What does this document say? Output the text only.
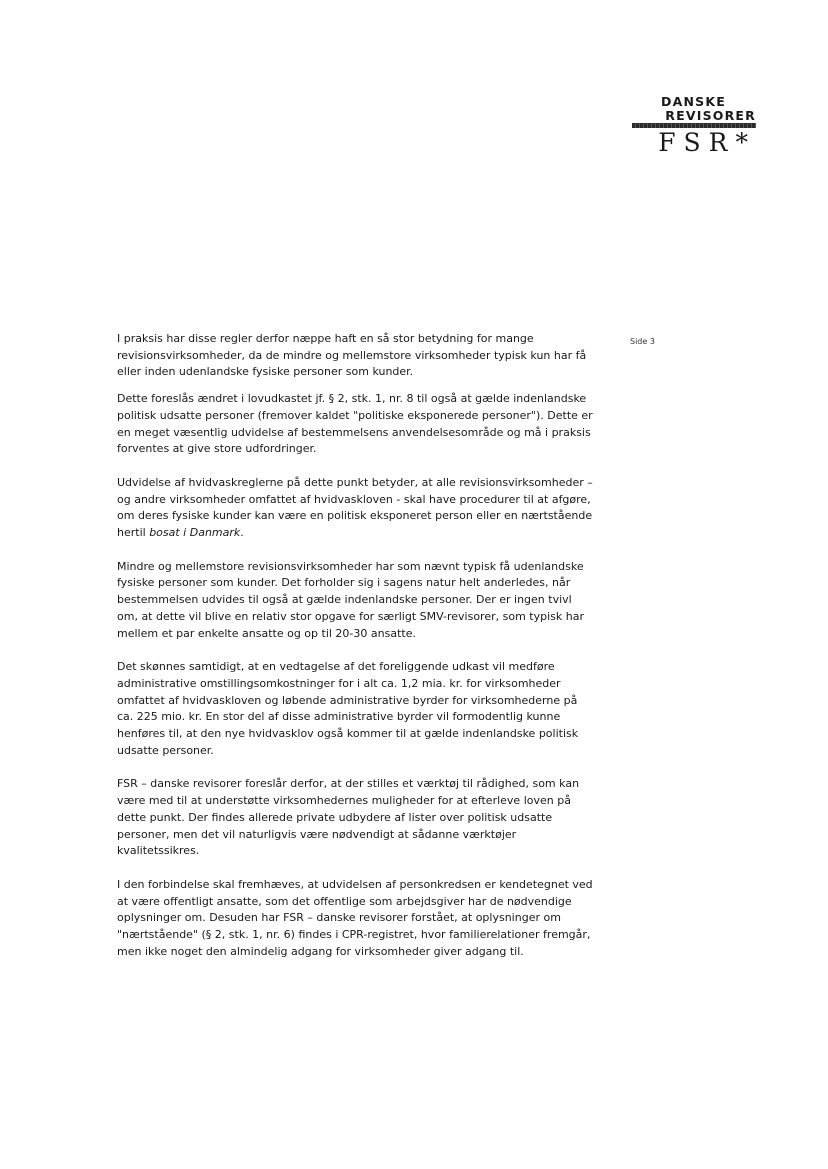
DANSKE
REVISORER
FSR*
Side 3

I praksis har disse regler derfor næppe haft en så stor betydning for mange revisionsvirksomheder, da de mindre og mellemstore virksomheder typisk kun har få eller inden udenlandske fysiske personer som kunder.

Dette foreslås ændret i lovudkastet jf. § 2, stk. 1, nr. 8 til også at gælde indenlandske politisk udsatte personer (fremover kaldet "politiske eksponerede personer"). Dette er en meget væsentlig udvidelse af bestemmelsens anvendelsesområde og må i praksis forventes at give store udfordringer.

Udvidelse af hvidvaskreglerne på dette punkt betyder, at alle revisionsvirksomheder – og andre virksomheder omfattet af hvidvaskloven - skal have procedurer til at afgøre, om deres fysiske kunder kan være en politisk eksponeret person eller en nærtstående hertil bosat i Danmark.

Mindre og mellemstore revisionsvirksomheder har som nævnt typisk få udenlandske fysiske personer som kunder. Det forholder sig i sagens natur helt anderledes, når bestemmelsen udvides til også at gælde indenlandske personer. Der er ingen tvivl om, at dette vil blive en relativ stor opgave for særligt SMV-revisorer, som typisk har mellem et par enkelte ansatte og op til 20-30 ansatte.

Det skønnes samtidigt, at en vedtagelse af det foreliggende udkast vil medføre administrative omstillingsomkostninger for i alt ca. 1,2 mia. kr. for virksomheder omfattet af hvidvaskloven og løbende administrative byrder for virksomhederne på ca. 225 mio. kr. En stor del af disse administrative byrder vil formodentlig kunne henføres til, at den nye hvidvasklov også kommer til at gælde indenlandske politisk udsatte personer.

FSR – danske revisorer foreslår derfor, at der stilles et værktøj til rådighed, som kan være med til at understøtte virksomhedernes muligheder for at efterleve loven på dette punkt. Der findes allerede private udbydere af lister over politisk udsatte personer, men det vil naturligvis være nødvendigt at sådanne værktøjer kvalitetssikres.

I den forbindelse skal fremhæves, at udvidelsen af personkredsen er kendetegnet ved at være offentligt ansatte, som det offentlige som arbejdsgiver har de nødvendige oplysninger om. Desuden har FSR – danske revisorer forstået, at oplysninger om "nærtstående" (§ 2, stk. 1, nr. 6) findes i CPR-registret, hvor familierelationer fremgår, men ikke noget den almindelig adgang for virksomheder giver adgang til.
